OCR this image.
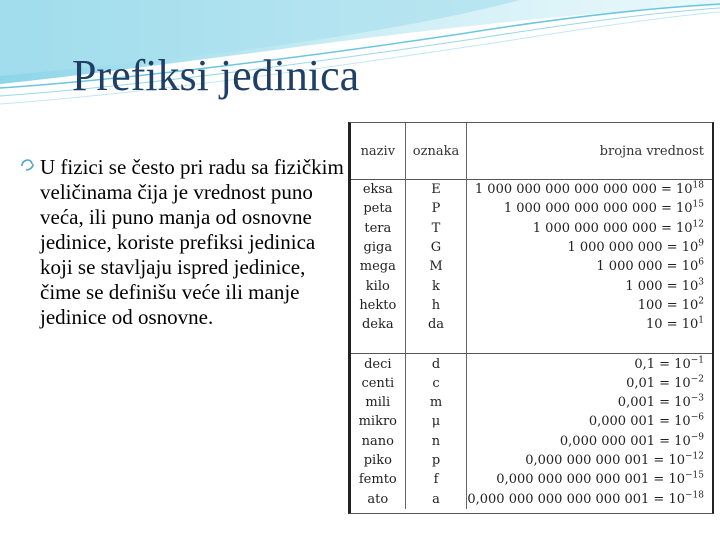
Prefiksi jedinica
U fizici se često pri radu sa fizičkim veličinama čija je vrednost puno veća, ili puno manja od osnovne jedinice, koriste prefiksi jedinica koji se stavljaju ispred jedinice, čime se definišu veće ili manje jedinice od osnovne.
naziv	oznaka	brojna vrednost
eksa	E	1 000 000 000 000 000 $000 = 10^{18}$
peta	P	1 000 000 000 000 $000 = 10^{15}$
tera	T	1 000 000 000 $000 = 10^{12}$
giga	G	1 000 000 $000 = 10^9$
mega	M	1 000 $000 = 10^6$
kilo	k	1 $000 = 10^3$
hekto	h	$100 = 10^2$
deka	da	$10 = 10^1$

deci	d	$0,1 = 10^{-1}$
centi	c	$0,01 = 10^{-2}$
mili	m	$0,001 = 10^{-3}$
mikro	μ	0,000 $001 = 10^{-6}$
nano	n	0,000 000 $001 = 10^{-9}$
piko	p	0,000 000 000 $001 = 10^{-12}$
femto	f	0,000 000 000 000 $001 = 10^{-15}$
ato	a	0,000 000 000 000 000 $001 = 10^{-18}$
